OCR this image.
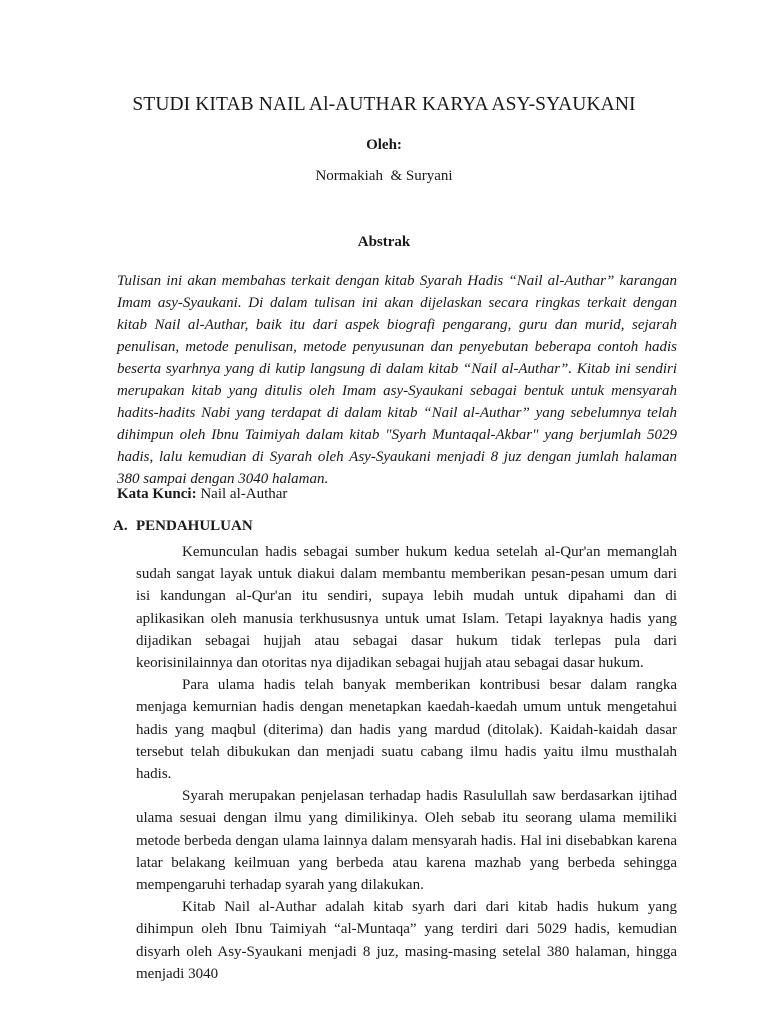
STUDI KITAB NAIL Al-AUTHAR KARYA ASY-SYAUKANI

Oleh:

Normakiah  & Suryani

Abstrak

Tulisan ini akan membahas terkait dengan kitab Syarah Hadis “Nail al-Authar” karangan Imam asy-Syaukani. Di dalam tulisan ini akan dijelaskan secara ringkas terkait dengan kitab Nail al-Authar, baik itu dari aspek biografi pengarang, guru dan murid, sejarah penulisan, metode penulisan, metode penyusunan dan penyebutan beberapa contoh hadis beserta syarhnya yang di kutip langsung di dalam kitab “Nail al-Authar”. Kitab ini sendiri merupakan kitab yang ditulis oleh Imam asy-Syaukani sebagai bentuk untuk mensyarah hadits-hadits Nabi yang terdapat di dalam kitab “Nail al-Authar” yang sebelumnya telah dihimpun oleh Ibnu Taimiyah dalam kitab "Syarh Muntaqal-Akbar" yang berjumlah 5029 hadis, lalu kemudian di Syarah oleh Asy-Syaukani menjadi 8 juz dengan jumlah halaman 380 sampai dengan 3040 halaman.

Kata Kunci: Nail al-Authar

A. PENDAHULUAN

Kemunculan hadis sebagai sumber hukum kedua setelah al-Qur'an memanglah sudah sangat layak untuk diakui dalam membantu memberikan pesan-pesan umum dari isi kandungan al-Qur'an itu sendiri, supaya lebih mudah untuk dipahami dan di aplikasikan oleh manusia terkhususnya untuk umat Islam. Tetapi layaknya hadis yang dijadikan sebagai hujjah atau sebagai dasar hukum tidak terlepas pula dari keorisinilainnya dan otoritas nya dijadikan sebagai hujjah atau sebagai dasar hukum.

Para ulama hadis telah banyak memberikan kontribusi besar dalam rangka menjaga kemurnian hadis dengan menetapkan kaedah-kaedah umum untuk mengetahui hadis yang maqbul (diterima) dan hadis yang mardud (ditolak). Kaidah-kaidah dasar tersebut telah dibukukan dan menjadi suatu cabang ilmu hadis yaitu ilmu musthalah hadis.

Syarah merupakan penjelasan terhadap hadis Rasulullah saw berdasarkan ijtihad ulama sesuai dengan ilmu yang dimilikinya. Oleh sebab itu seorang ulama memiliki metode berbeda dengan ulama lainnya dalam mensyarah hadis. Hal ini disebabkan karena latar belakang keilmuan yang berbeda atau karena mazhab yang berbeda sehingga mempengaruhi terhadap syarah yang dilakukan.

Kitab Nail al-Authar adalah kitab syarh dari dari kitab hadis hukum yang dihimpun oleh Ibnu Taimiyah “al-Muntaqa” yang terdiri dari 5029 hadis, kemudian disyarh oleh Asy-Syaukani menjadi 8 juz, masing-masing setelal 380 halaman, hingga menjadi 3040
